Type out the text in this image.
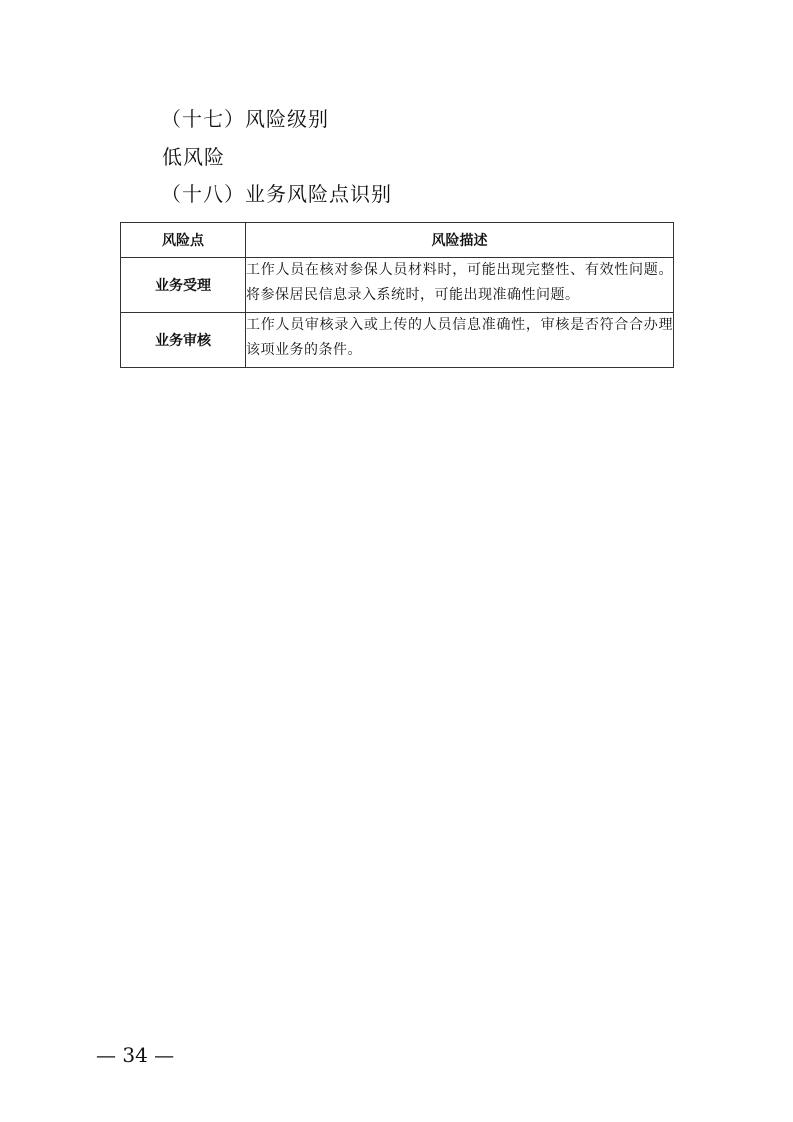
（十七）风险级别
低风险
（十八）业务风险点识别
风险点	风险描述
业务受理	工作人员在核对参保人员材料时，可能出现完整性、有效性问题。将参保居民信息录入系统时，可能出现准确性问题。
业务审核	工作人员审核录入或上传的人员信息准确性，审核是否符合合办理该项业务的条件。
— 34 —
